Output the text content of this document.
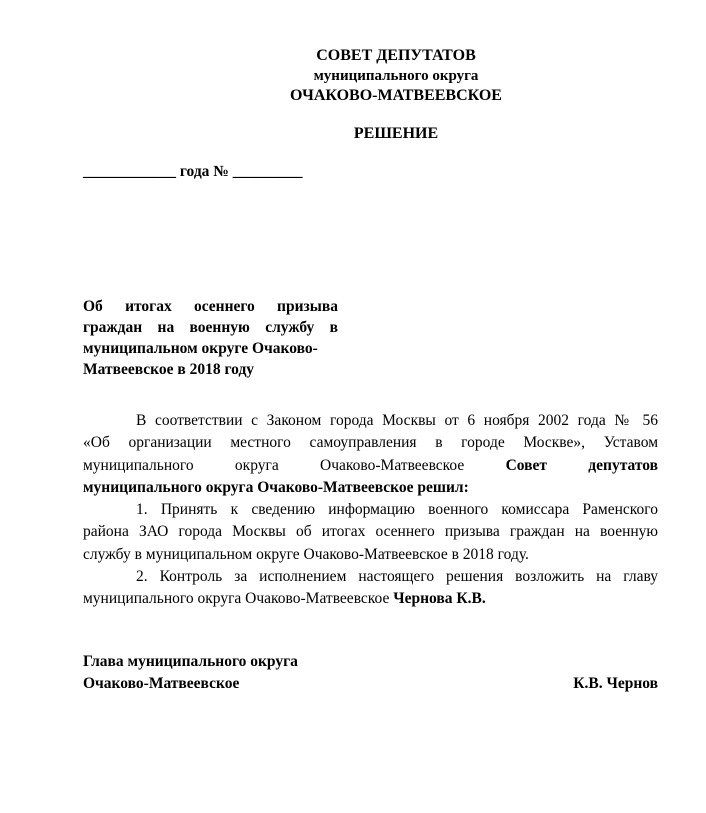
СОВЕТ ДЕПУТАТОВ
муниципального округа
ОЧАКОВО-МАТВЕЕВСКОЕ
РЕШЕНИЕ
____________ года № _________
Об итогах осеннего призыва
граждан на военную службу в
муниципальном округе Очаково-
Матвеевское в 2018 году
В соответствии с Законом города Москвы от 6 ноября 2002 года № 56
«Об организации местного самоуправления в городе Москве», Уставом
муниципального округа Очаково-Матвеевское Совет депутатов
муниципального округа Очаково-Матвеевское решил:
1. Принять к сведению информацию военного комиссара Раменского
района ЗАО города Москвы об итогах осеннего призыва граждан на военную
службу в муниципальном округе Очаково-Матвеевское в 2018 году.
2. Контроль за исполнением настоящего решения возложить на главу
муниципального округа Очаково-Матвеевское Чернова К.В.
Глава муниципального округа
Очаково-Матвеевское	К.В. Чернов
